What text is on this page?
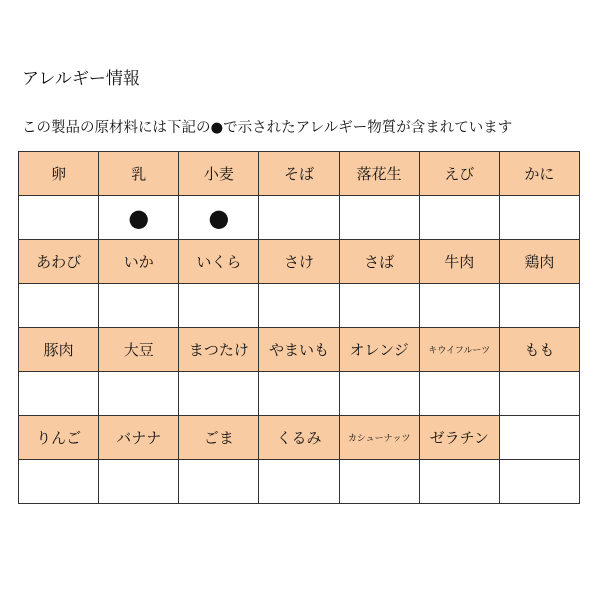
アレルギー情報
この製品の原材料には下記の●で示されたアレルギー物質が含まれています
卵	乳	小麦	そば	落花生	えび	かに
	●	●				
あわび	いか	いくら	さけ	さば	牛肉	鶏肉

豚肉	大豆	まつたけ	やまいも	オレンジ	キウイフルーツ	もも

りんご	バナナ	ごま	くるみ	カシューナッツ	ゼラチン	
